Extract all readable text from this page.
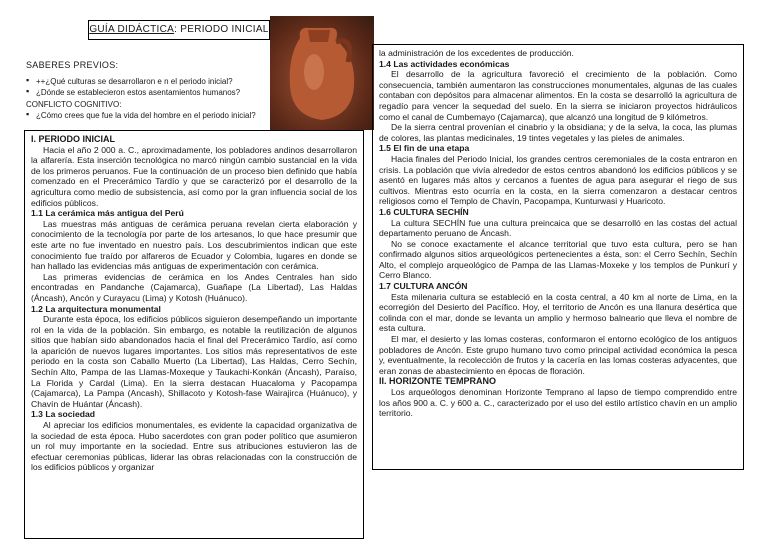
GUÍA DIDÁCTICA: PERIODO INICIAL
SABERES PREVIOS:
▪ ++¿Qué culturas se desarrollaron e n el periodo inicial?
▪ ¿Dónde se establecieron estos asentamientos humanos?
CONFLICTO COGNITIVO:
▪ ¿Cómo crees que fue la vida del hombre en el periodo inicial?
I. PERIODO INICIAL

Hacia el año 2 000 a. C., aproximadamente, los pobladores andinos desarrollaron la alfarería. Esta inserción tecnológica no marcó ningún cambio sustancial en la vida de los primeros peruanos. Fue la continuación de un proceso bien definido que había comenzado en el Precerámico Tardío y que se caracterizó por el desarrollo de la agricultura como medio de subsistencia, así como por la gran influencia social de los edificios públicos.

1.1 La cerámica más antigua del Perú

Las muestras más antiguas de cerámica peruana revelan cierta elaboración y conocimiento de la tecnología por parte de los artesanos, lo que hace presumir que este arte no fue inventado en nuestro país. Los descubrimientos indican que este conocimiento fue traído por alfareros de Ecuador y Colombia, lugares en donde se han hallado las evidencias más antiguas de experimentación con cerámica.

Las primeras evidencias de cerámica en los Andes Centrales han sido encontradas en Pandanche (Cajamarca), Guañape (La Libertad), Las Haldas (Áncash), Ancón y Curayacu (Lima) y Kotosh (Huánuco).

1.2 La arquitectura monumental

Durante esta época, los edificios públicos siguieron desempeñando un importante rol en la vida de la población. Sin embargo, es notable la reutilización de algunos sitios que habían sido abandonados hacia el final del Precerámico Tardío, así como la aparición de nuevos lugares importantes. Los sitios más representativos de este periodo en la costa son Caballo Muerto (La Libertad), Las Haldas, Cerro Sechín, Sechín Alto, Pampa de las Llamas-Moxeque y Taukachi-Konkán (Áncash), Paraíso, La Florida y Cardal (Lima). En la sierra destacan Huacaloma y Pacopampa (Cajamarca), La Pampa (Ancash), Shillacoto y Kotosh-fase Wairajirca (Huánuco), y Chavín de Huántar (Áncash).

1.3 La sociedad

Al apreciar los edificios monumentales, es evidente la capacidad organizativa de la sociedad de esta época. Hubo sacerdotes con gran poder político que asumieron un rol muy importante en la sociedad. Entre sus atribuciones estuvieron las de efectuar ceremonias públicas, liderar las obras relacionadas con la construcción de los edificios públicos y organizar

la administración de los excedentes de producción.

1.4 Las actividades económicas

El desarrollo de la agricultura favoreció el crecimiento de la población. Como consecuencia, también aumentaron las construcciones monumentales, algunas de las cuales contaban con depósitos para almacenar alimentos. En la costa se desarrolló la agricultura de regadío para vencer la sequedad del suelo. En la sierra se iniciaron proyectos hidráulicos como el canal de Cumbemayo (Cajamarca), que alcanzó una longitud de 9 kilómetros.

De la sierra central provenían el cinabrio y la obsidiana; y de la selva, la coca, las plumas de colores, las plantas medicinales, 19 tintes vegetales y las pieles de animales.

1.5 El fin de una etapa

Hacia finales del Periodo Inicial, los grandes centros ceremoniales de la costa entraron en crisis. La población que vivía alrededor de estos centros abandonó los edificios públicos y se asentó en lugares más altos y cercanos a fuentes de agua para asegurar el riego de sus cultivos. Mientras esto ocurría en la costa, en la sierra comenzaron a destacar centros religiosos como el Templo de Chavín, Pacopampa, Kunturwasi y Huaricoto.

1.6 CULTURA SECHÍN

La cultura SECHÍN fue una cultura preincaica que se desarrolló en las costas del actual departamento peruano de Áncash.

No se conoce exactamente el alcance territorial que tuvo esta cultura, pero se han confirmado algunos sitios arqueológicos pertenecientes a ésta, son: el Cerro Sechín, Sechín Alto, el complejo arqueológico de Pampa de las Llamas-Moxeke y los templos de Punkurí y Cerro Blanco.

1.7 CULTURA ANCÓN

Esta milenaria cultura se estableció en la costa central, a 40 km al norte de Lima, en la ecorregión del Desierto del Pacífico. Hoy, el territorio de Ancón es una llanura desértica que colinda con el mar, donde se levanta un amplio y hermoso balneario que lleva el nombre de esta cultura.

El mar, el desierto y las lomas costeras, conformaron el entorno ecológico de los antiguos pobladores de Ancón. Este grupo humano tuvo como principal actividad económica la pesca y, eventualmente, la recolección de frutos y la cacería en las lomas costeras adyacentes, que eran zonas de abastecimiento en épocas de floración.

II. HORIZONTE TEMPRANO

Los arqueólogos denominan Horizonte Temprano al lapso de tiempo comprendido entre los años 900 a. C. y 600 a. C., caracterizado por el uso del estilo artístico chavín en un amplio territorio.
